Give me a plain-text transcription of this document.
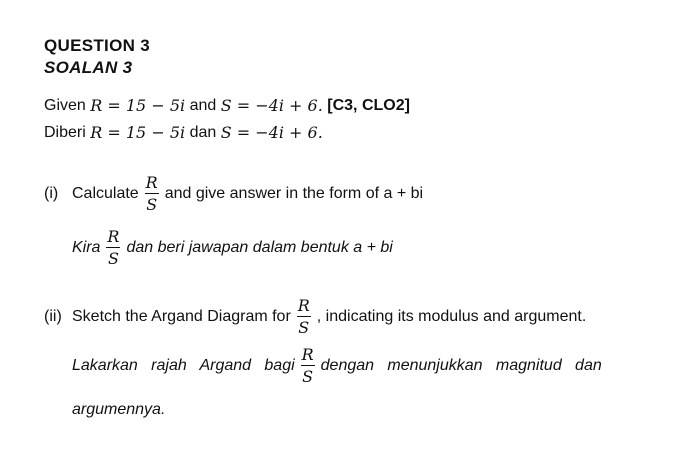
QUESTION 3
SOALAN 3
Given
R = 15 − 5i
and
S = −4i + 6.
[C3, CLO2]
Diberi
R = 15 − 5i
dan
S = −4i + 6.
(i) Calculate $\frac{R}{S}$ and give answer in the form of a + bi
Kira $\frac{R}{S}$ dan beri jawapan dalam bentuk a + bi
(ii) Sketch the Argand Diagram for $\frac{R}{S}$ , indicating its modulus and argument.
Lakarkan   rajah   Argand   bagi $\frac{R}{S}$ dengan   menunjukkan   magnitud   dan
argumennya.
